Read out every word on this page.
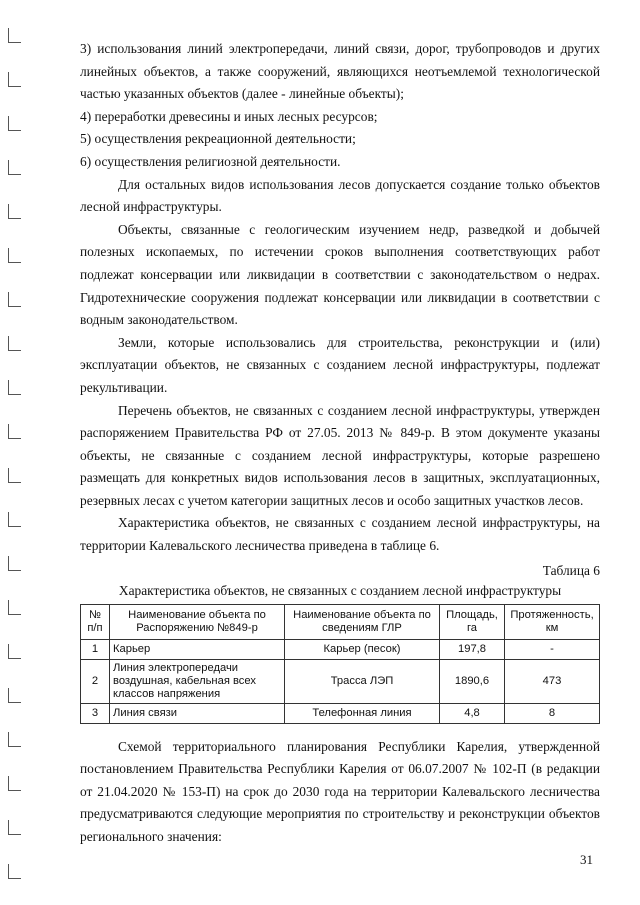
3) использования линий электропередачи, линий связи, дорог, трубопроводов и других линейных объектов, а также сооружений, являющихся неотъемлемой технологической частью указанных объектов (далее - линейные объекты);

4) переработки древесины и иных лесных ресурсов;

5) осуществления рекреационной деятельности;

6) осуществления религиозной деятельности.

Для остальных видов использования лесов допускается создание только объектов лесной инфраструктуры.

Объекты, связанные с геологическим изучением недр, разведкой и добычей полезных ископаемых, по истечении сроков выполнения соответствующих работ подлежат консервации или ликвидации в соответствии с законодательством о недрах. Гидротехнические сооружения подлежат консервации или ликвидации в соответствии с водным законодательством.

Земли, которые использовались для строительства, реконструкции и (или) эксплуатации объектов, не связанных с созданием лесной инфраструктуры, подлежат рекультивации.

Перечень объектов, не связанных с созданием лесной инфраструктуры, утвержден распоряжением Правительства РФ от 27.05. 2013 № 849-р. В этом документе указаны объекты, не связанные с созданием лесной инфраструктуры, которые разрешено размещать для конкретных видов использования лесов в защитных, эксплуатационных, резервных лесах с учетом категории защитных лесов и особо защитных участков лесов.

Характеристика объектов, не связанных с созданием лесной инфраструктуры, на территории Калевальского лесничества приведена в таблице 6.

Таблица 6

Характеристика объектов, не связанных с созданием лесной инфраструктуры

№ п/п	Наименование объекта по Распоряжению №849-р	Наименование объекта по сведениям ГЛР	Площадь, га	Протяженность, км
1	Карьер	Карьер (песок)	197,8	-
2	Линия электропередачи воздушная, кабельная всех классов напряжения	Трасса ЛЭП	1890,6	473
3	Линия связи	Телефонная линия	4,8	8

Схемой территориального планирования Республики Карелия, утвержденной постановлением Правительства Республики Карелия от 06.07.2007 № 102-П (в редакции от 21.04.2020 № 153-П) на срок до 2030 года на территории Калевальского лесничества предусматриваются следующие мероприятия по строительству и реконструкции объектов регионального значения:

31
